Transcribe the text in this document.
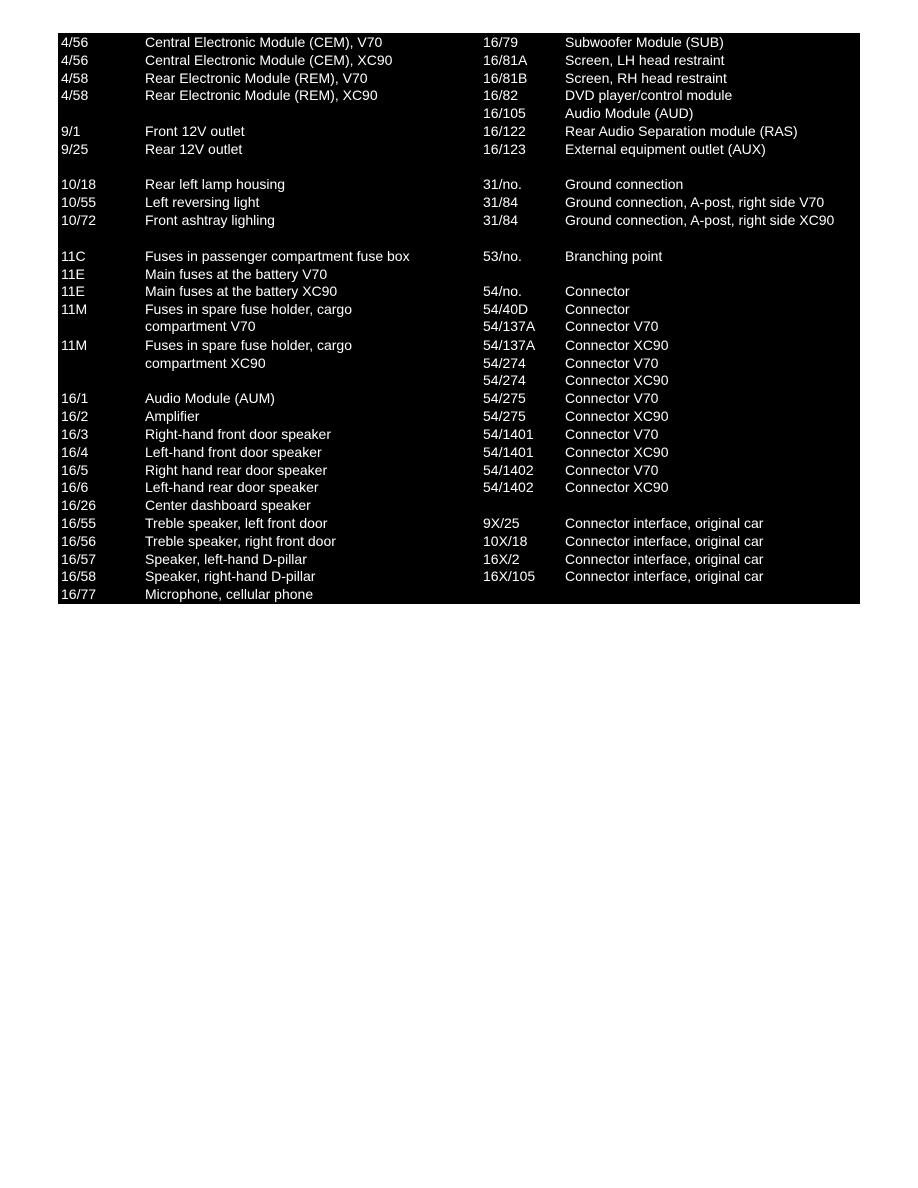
4/56	Central Electronic Module (CEM), V70
4/56	Central Electronic Module (CEM), XC90
4/58	Rear Electronic Module (REM), V70
4/58	Rear Electronic Module (REM), XC90
9/1	Front 12V outlet
9/25	Rear 12V outlet
10/18	Rear left lamp housing
10/55	Left reversing light
10/72	Front ashtray lighling
11C	Fuses in passenger compartment fuse box
11E	Main fuses at the battery V70
11E	Main fuses at the battery XC90
11M	Fuses in spare fuse holder, cargo
compartment V70
11M	Fuses in spare fuse holder, cargo
compartment XC90
16/1	Audio Module (AUM)
16/2	Amplifier
16/3	Right-hand front door speaker
16/4	Left-hand front door speaker
16/5	Right hand rear door speaker
16/6	Left-hand rear door speaker
16/26	Center dashboard speaker
16/55	Treble speaker, left front door
16/56	Treble speaker, right front door
16/57	Speaker, left-hand D-pillar
16/58	Speaker, right-hand D-pillar
16/77	Microphone, cellular phone
16/79	Subwoofer Module (SUB)
16/81A	Screen, LH head restraint
16/81B	Screen, RH head restraint
16/82	DVD player/control module
16/105	Audio Module (AUD)
16/122	Rear Audio Separation module (RAS)
16/123	External equipment outlet (AUX)
31/no.	Ground connection
31/84	Ground connection, A-post, right side V70
31/84	Ground connection, A-post, right side XC90
53/no.	Branching point
54/no.	Connector
54/40D	Connector
54/137A Connector V70
54/137A Connector XC90
54/274	Connector V70
54/274	Connector XC90
54/275	Connector V70
54/275	Connector XC90
54/1401 Connector V70
54/1401 Connector XC90
54/1402 Connector V70
54/1402 Connector XC90
9X/25	Connector interface, original car
10X/18	Connector interface, original car
16X/2	Connector interface, original car
16X/105 Connector interface, original car
